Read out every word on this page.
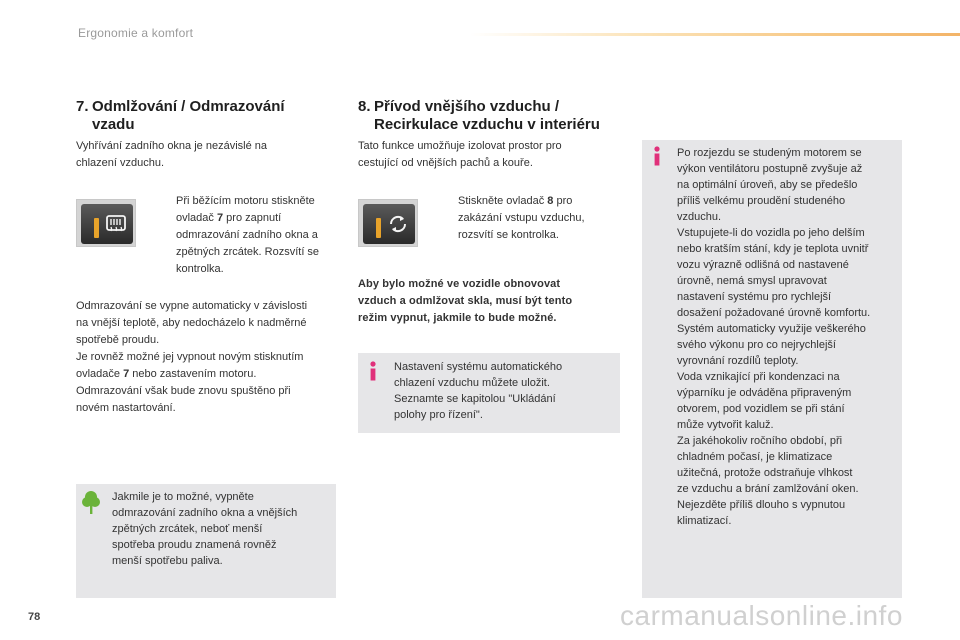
Ergonomie a komfort
7. Odmlžování / Odmrazování
vzadu
Vyhřívání zadního okna je nezávislé na
chlazení vzduchu.
Při běžícím motoru stiskněte
ovladač 7 pro zapnutí
odmrazování zadního okna a
zpětných zrcátek. Rozsvítí se
kontrolka.
Odmrazování se vypne automaticky v závislosti
na vnější teplotě, aby nedocházelo k nadměrné
spotřebě proudu.
Je rovněž možné jej vypnout novým stisknutím
ovladače 7 nebo zastavením motoru.
Odmrazování však bude znovu spuštěno při
novém nastartování.
Jakmile je to možné, vypněte
odmrazování zadního okna a vnějších
zpětných zrcátek, neboť menší
spotřeba proudu znamená rovněž
menší spotřebu paliva.
8. Přívod vnějšího vzduchu /
Recirkulace vzduchu v interiéru
Tato funkce umožňuje izolovat prostor pro
cestující od vnějších pachů a kouře.
Stiskněte ovladač 8 pro
zakázání vstupu vzduchu,
rozsvítí se kontrolka.
Aby bylo možné ve vozidle obnovovat
vzduch a odmlžovat skla, musí být tento
režim vypnut, jakmile to bude možné.
Nastavení systému automatického
chlazení vzduchu můžete uložit.
Seznamte se kapitolou "Ukládání
polohy pro řízení".
Po rozjezdu se studeným motorem se
výkon ventilátoru postupně zvyšuje až
na optimální úroveň, aby se předešlo
příliš velkému proudění studeného
vzduchu.
Vstupujete-li do vozidla po jeho delším
nebo kratším stání, kdy je teplota uvnitř
vozu výrazně odlišná od nastavené
úrovně, nemá smysl upravovat
nastavení systému pro rychlejší
dosažení požadované úrovně komfortu.
Systém automaticky využije veškerého
svého výkonu pro co nejrychlejší
vyrovnání rozdílů teploty.
Voda vznikající při kondenzaci na
výparníku je odváděna připraveným
otvorem, pod vozidlem se při stání
může vytvořit kaluž.
Za jakéhokoliv ročního období, při
chladném počasí, je klimatizace
užitečná, protože odstraňuje vlhkost
ze vzduchu a brání zamlžování oken.
Nejezděte příliš dlouho s vypnutou
klimatizací.
78	carmanualsonline.info
